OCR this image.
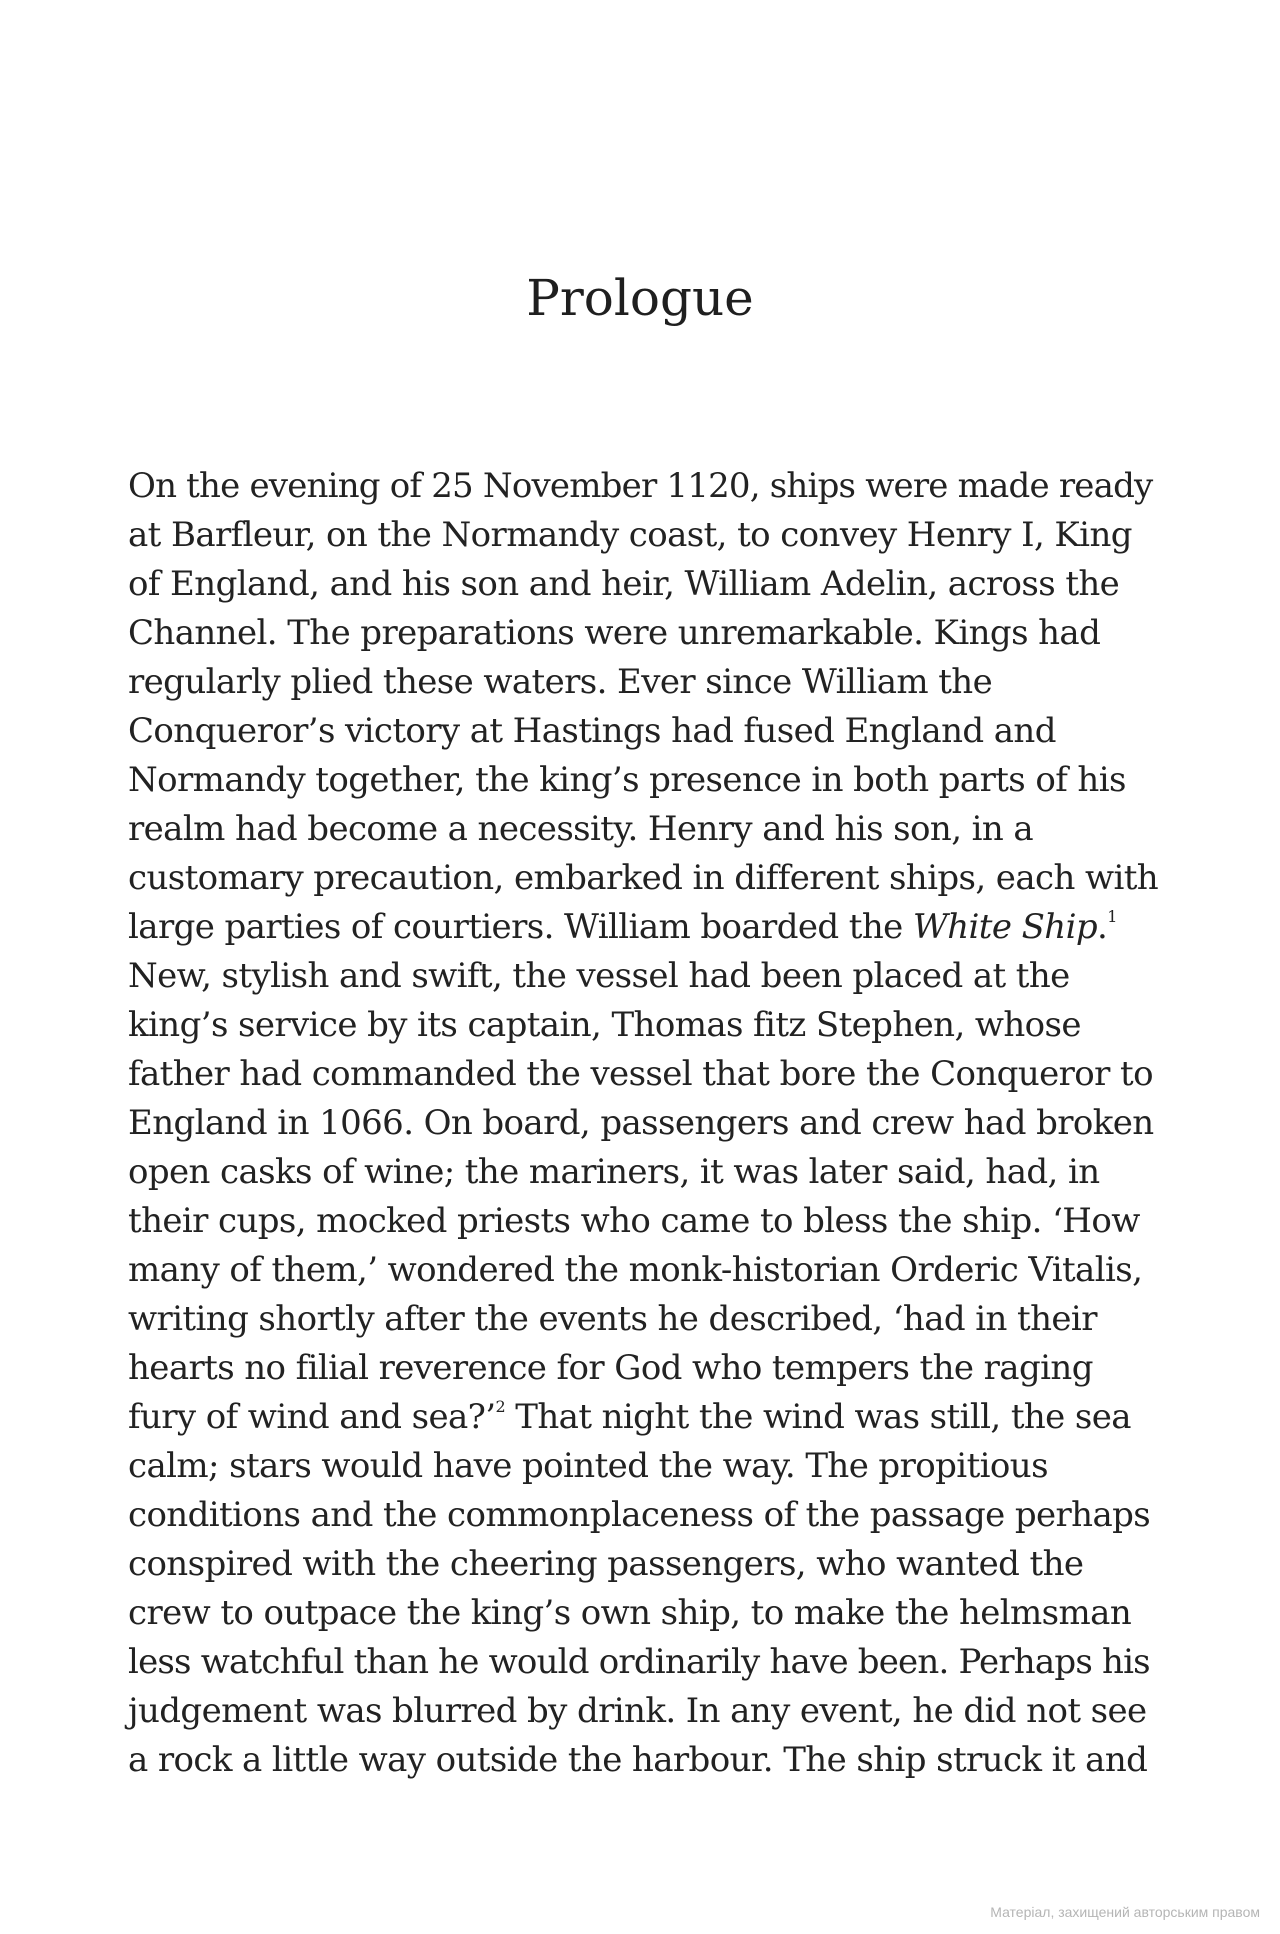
Prologue
On the evening of 25 November 1120, ships were made ready
at Barfleur, on the Normandy coast, to convey Henry I, King
of England, and his son and heir, William Adelin, across the
Channel. The preparations were unremarkable. Kings had
regularly plied these waters. Ever since William the
Conqueror’s victory at Hastings had fused England and
Normandy together, the king’s presence in both parts of his
realm had become a necessity. Henry and his son, in a
customary precaution, embarked in different ships, each with
large parties of courtiers. William boarded the White Ship.$^1$
New, stylish and swift, the vessel had been placed at the
king’s service by its captain, Thomas fitz Stephen, whose
father had commanded the vessel that bore the Conqueror to
England in 1066. On board, passengers and crew had broken
open casks of wine; the mariners, it was later said, had, in
their cups, mocked priests who came to bless the ship. ‘How
many of them,’ wondered the monk-historian Orderic Vitalis,
writing shortly after the events he described, ‘had in their
hearts no filial reverence for God who tempers the raging
fury of wind and sea?’$^2$ That night the wind was still, the sea
calm; stars would have pointed the way. The propitious
conditions and the commonplaceness of the passage perhaps
conspired with the cheering passengers, who wanted the
crew to outpace the king’s own ship, to make the helmsman
less watchful than he would ordinarily have been. Perhaps his
judgement was blurred by drink. In any event, he did not see
a rock a little way outside the harbour. The ship struck it and
Матеріал, захищений авторським правом
